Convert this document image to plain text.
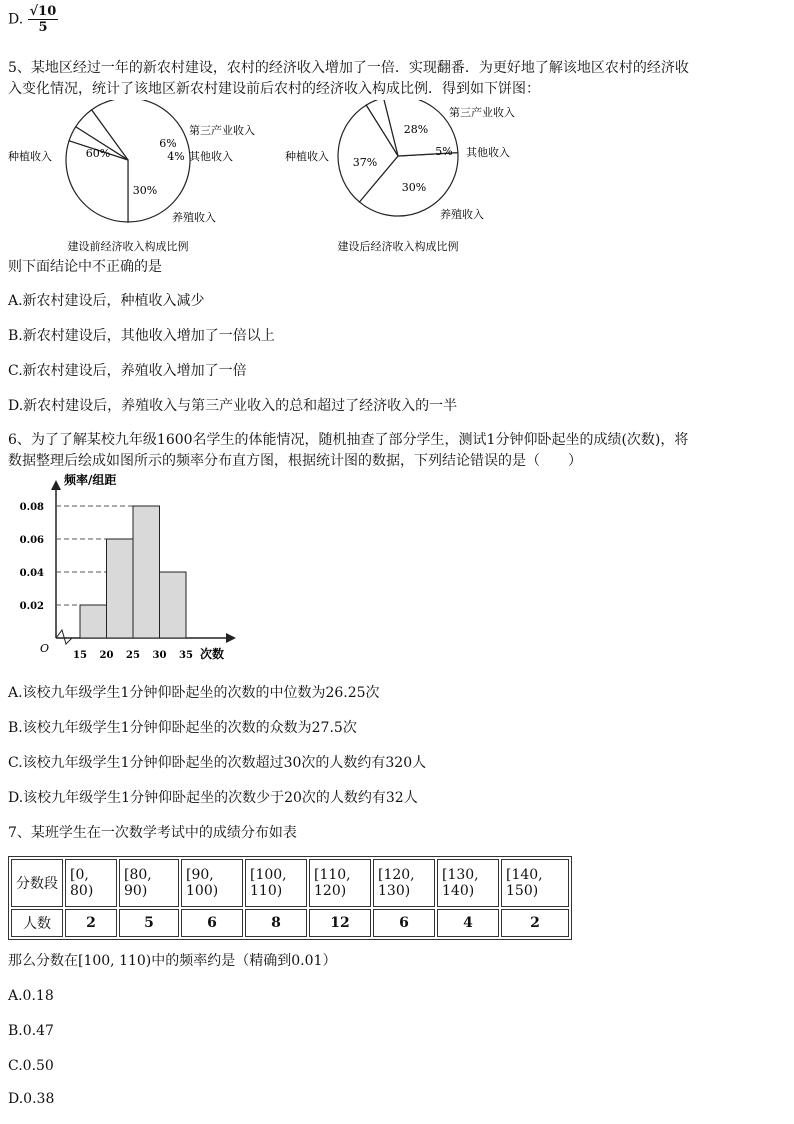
D. $\frac{√10}{5}$
5、某地区经过一年的新农村建设，农村的经济收入增加了一倍．实现翻番．为更好地了解该地区农村的经济收
入变化情况，统计了该地区新农村建设前后农村的经济收入构成比例．得到如下饼图：
60%
6%
4%
30%
种植收入
第三产业收入
其他收入
养殖收入
建设前经济收入构成比例
37%
28%
5%
30%
种植收入
第三产业收入
其他收入
养殖收入
建设后经济收入构成比例
则下面结论中不正确的是
A.新农村建设后，种植收入减少
B.新农村建设后，其他收入增加了一倍以上
C.新农村建设后，养殖收入增加了一倍
D.新农村建设后，养殖收入与第三产业收入的总和超过了经济收入的一半
6、为了了解某校九年级1600名学生的体能情况，随机抽查了部分学生，测试1分钟仰卧起坐的成绩(次数)，将
数据整理后绘成如图所示的频率分布直方图，根据统计图的数据，下列结论错误的是（　　）
0.02
0.04
0.06
0.08
15 20 25 30 35 次数
频率/组距
O
A.该校九年级学生1分钟仰卧起坐的次数的中位数为26.25次
B.该校九年级学生1分钟仰卧起坐的次数的众数为27.5次
C.该校九年级学生1分钟仰卧起坐的次数超过30次的人数约有320人
D.该校九年级学生1分钟仰卧起坐的次数少于20次的人数约有32人
7、某班学生在一次数学考试中的成绩分布如表
分数段	[0, 80)	[80, 90)	[90,
100)	[100,
110)	[110,
120)	[120,
130)	[130,
140)	[140,
150)
人数	2	5	6	8	12	6	4	2
那么分数在[100, 110)中的频率约是（精确到0.01）
A.0.18
B.0.47
C.0.50
D.0.38
